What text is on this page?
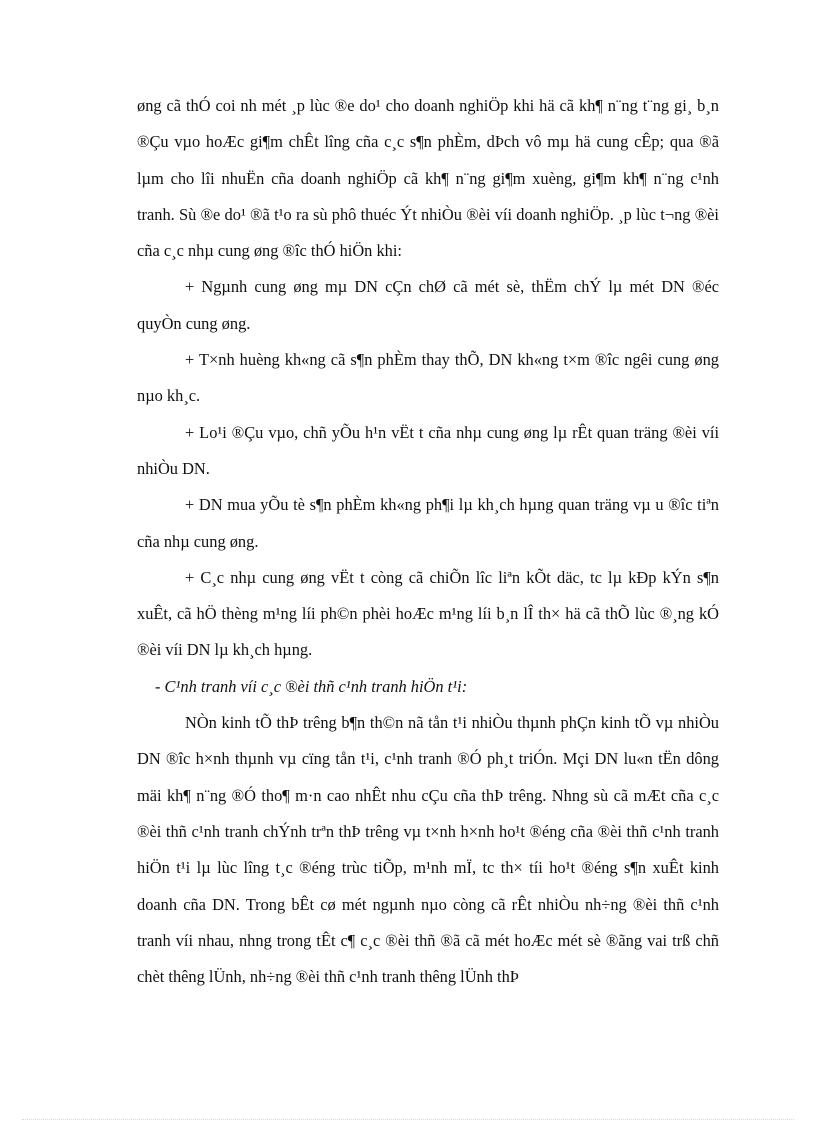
øng cã thÓ coi nh mét ¸p lùc ®e do¹ cho doanh nghiÖp khi hä cã kh¶ n¨ng t¨ng gi¸ b¸n ®Çu vµo hoÆc gi¶m chÊt lîng cña c¸c s¶n phÈm, dÞch vô mµ hä cung cÊp; qua ®ã lµm cho lîi nhuËn cña doanh nghiÖp cã kh¶ n¨ng gi¶m xuèng, gi¶m kh¶ n¨ng c¹nh tranh. Sù ®e do¹ ®ã t¹o ra sù phô thuéc Ýt nhiÒu ®èi víi doanh nghiÖp. ¸p lùc t¬ng ®èi cña c¸c nhµ cung øng ®îc thÓ hiÖn khi:

+ Ngµnh cung øng mµ DN cÇn chØ cã mét sè, thËm chÝ lµ mét DN ®éc quyÒn cung øng.

+ T×nh huèng kh«ng cã s¶n phÈm thay thÕ, DN kh«ng t×m ®îc ngêi cung øng nµo kh¸c.

+ Lo¹i ®Çu vµo, chñ yÕu h¹n vËt t cña nhµ cung øng lµ rÊt quan träng ®èi víi nhiÒu DN.

+ DN mua yÕu tè s¶n phÈm kh«ng ph¶i lµ kh¸ch hµng quan träng vµ u ®îc tiªn cña nhµ cung øng.

+ C¸c nhµ cung øng vËt t còng cã chiÕn lîc liªn kÕt däc, tc lµ kÐp kÝn s¶n xuÊt, cã hÖ thèng m¹ng líi ph©n phèi hoÆc m¹ng líi b¸n lÎ th× hä cã thÕ lùc ®¸ng kÓ ®èi víi DN lµ kh¸ch hµng.

- C¹nh tranh víi c¸c ®èi thñ c¹nh tranh hiÖn t¹i:

NÒn kinh tÕ thÞ trêng b¶n th©n nã tån t¹i nhiÒu thµnh phÇn kinh tÕ vµ nhiÒu DN ®îc h×nh thµnh vµ cïng tån t¹i, c¹nh tranh ®Ó ph¸t triÓn. Mçi DN lu«n tËn dông mäi kh¶ n¨ng ®Ó tho¶ m·n cao nhÊt nhu cÇu cña thÞ trêng. Nhng sù cã mÆt cña c¸c ®èi thñ c¹nh tranh chÝnh trªn thÞ trêng vµ t×nh h×nh ho¹t ®éng cña ®èi thñ c¹nh tranh hiÖn t¹i lµ lùc lîng t¸c ®éng trùc tiÕp, m¹nh mÏ, tc th× tíi ho¹t ®éng s¶n xuÊt kinh doanh cña DN. Trong bÊt cø mét ngµnh nµo còng cã rÊt nhiÒu nh÷ng ®èi thñ c¹nh tranh víi nhau, nhng trong tÊt c¶ c¸c ®èi thñ ®ã cã mét hoÆc mét sè ®ãng vai trß chñ chèt thêng lÜnh, nh÷ng ®èi thñ c¹nh tranh thêng lÜnh thÞ
